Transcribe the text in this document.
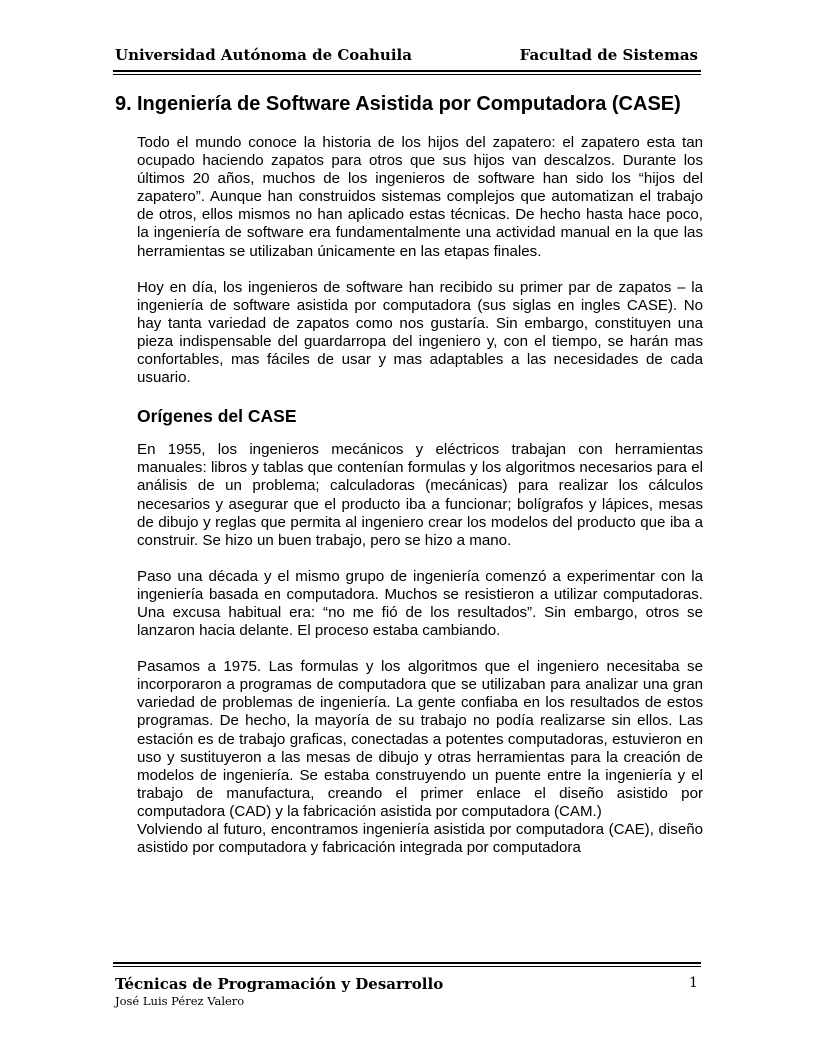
Universidad Autónoma de Coahuila	Facultad de Sistemas
9. Ingeniería de Software Asistida por Computadora (CASE)

Todo el mundo conoce la historia de los hijos del zapatero: el zapatero esta tan ocupado haciendo zapatos para otros que sus hijos van descalzos. Durante los últimos 20 años, muchos de los ingenieros de software han sido los “hijos del zapatero”. Aunque han construidos sistemas complejos que automatizan el trabajo de otros, ellos mismos no han aplicado estas técnicas. De hecho hasta hace poco, la ingeniería de software era fundamentalmente una actividad manual en la que las herramientas se utilizaban únicamente en las etapas finales.

Hoy en día, los ingenieros de software han recibido su primer par de zapatos – la ingeniería de software asistida por computadora (sus siglas en ingles CASE). No hay tanta variedad de zapatos como nos gustaría. Sin embargo, constituyen una pieza indispensable del guardarropa del ingeniero y, con el tiempo, se harán mas confortables, mas fáciles de usar y mas adaptables a las necesidades de cada usuario.

Orígenes del CASE

En 1955, los ingenieros mecánicos y eléctricos trabajan con herramientas manuales: libros y tablas que contenían formulas y los algoritmos necesarios para el análisis de un problema; calculadoras (mecánicas) para realizar los cálculos necesarios y asegurar que el producto iba a funcionar; bolígrafos y lápices, mesas de dibujo y reglas que permita al ingeniero crear los modelos del producto que iba a construir. Se hizo un buen trabajo, pero se hizo a mano.

Paso una década y el mismo grupo de ingeniería comenzó a experimentar con la ingeniería basada en computadora. Muchos se resistieron a utilizar computadoras. Una excusa habitual era: “no me fió de los resultados”. Sin embargo, otros se lanzaron hacia delante. El proceso estaba cambiando.

Pasamos a 1975. Las formulas y los algoritmos que el ingeniero necesitaba se incorporaron a programas de computadora que se utilizaban para analizar una gran variedad de problemas de ingeniería. La gente confiaba en los resultados de estos programas. De hecho, la mayoría de su trabajo no podía realizarse sin ellos. Las estación es de trabajo graficas, conectadas a potentes computadoras, estuvieron en uso y sustituyeron a las mesas de dibujo y otras herramientas para la creación de modelos de ingeniería. Se estaba construyendo un puente entre la ingeniería y el trabajo de manufactura, creando el primer enlace el diseño asistido por computadora (CAD) y la fabricación asistida por computadora (CAM.)

Volviendo al futuro, encontramos ingeniería asistida por computadora (CAE), diseño asistido por computadora y fabricación integrada por computadora

Técnicas de Programación y Desarrollo
José Luis Pérez Valero
1
